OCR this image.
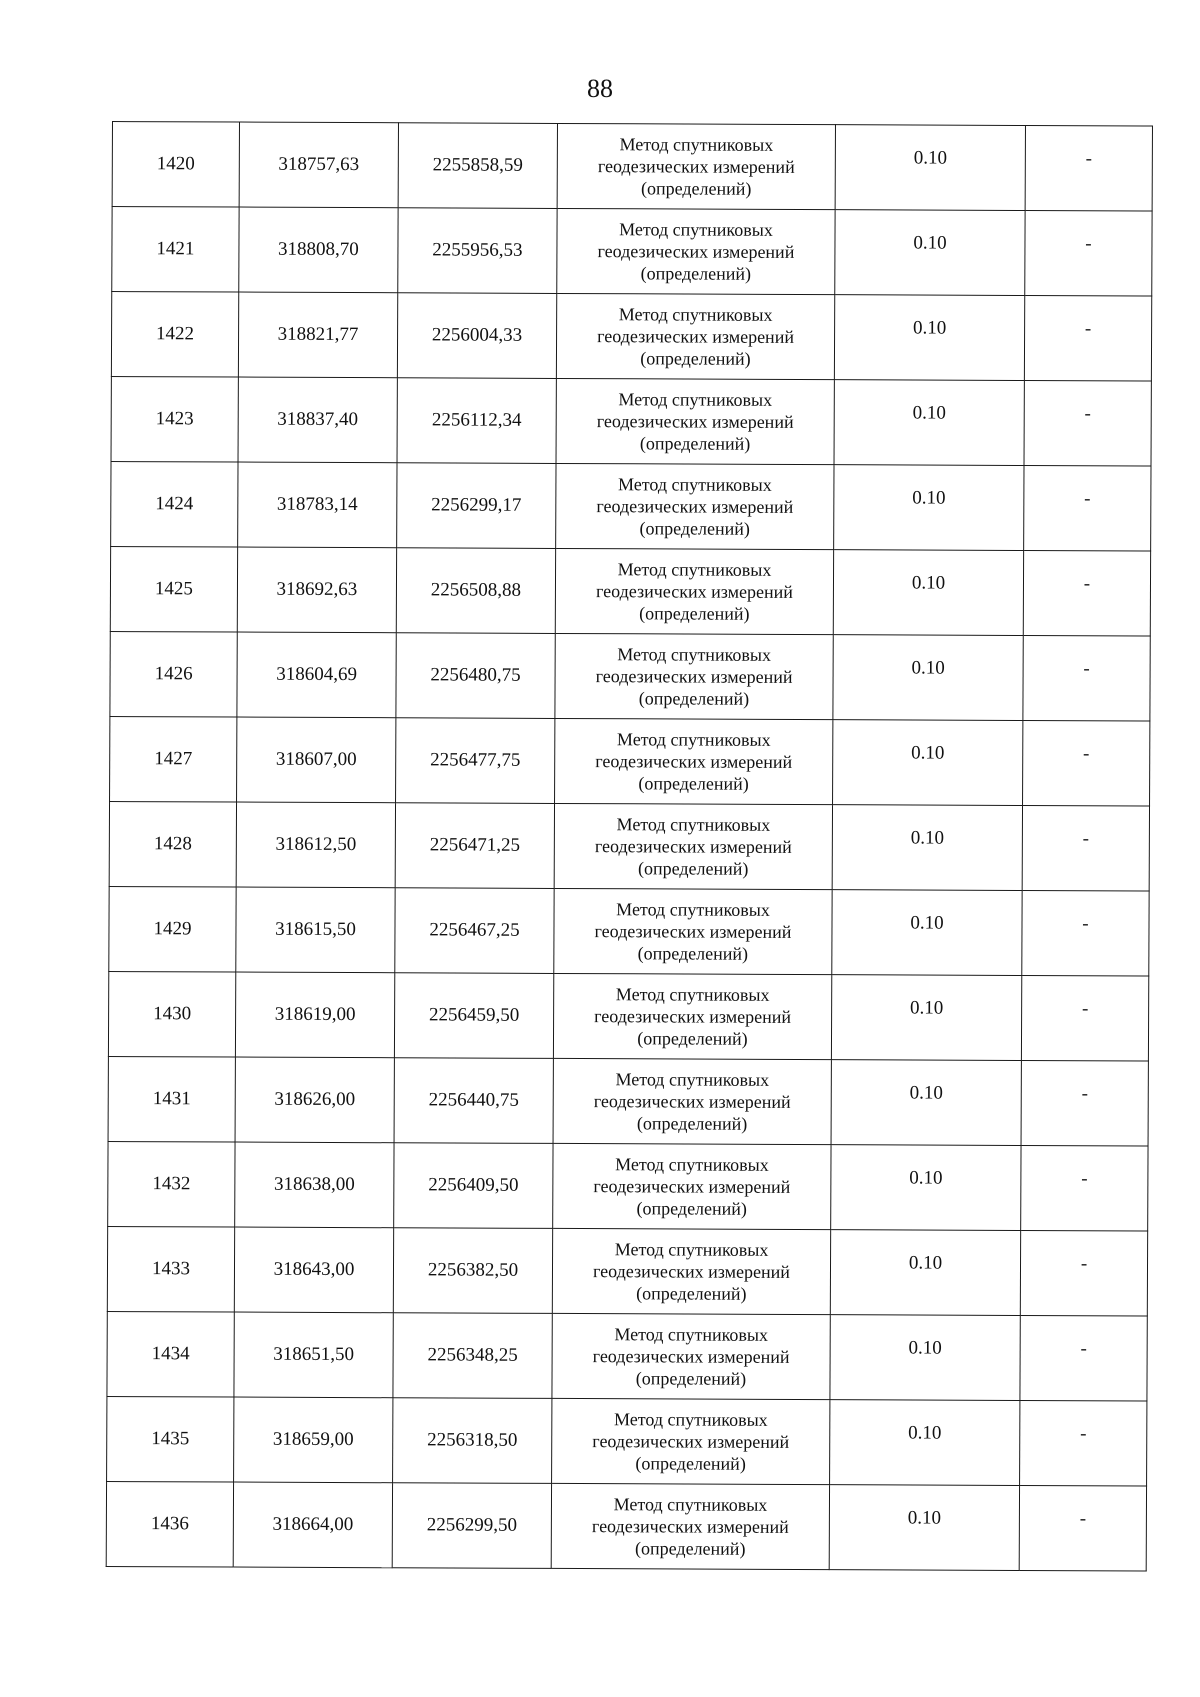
88
1420	318757,63	2255858,59	Метод спутниковых
геодезических измерений
(определений)	0.10	-
1421	318808,70	2255956,53	Метод спутниковых
геодезических измерений
(определений)	0.10	-
1422	318821,77	2256004,33	Метод спутниковых
геодезических измерений
(определений)	0.10	-
1423	318837,40	2256112,34	Метод спутниковых
геодезических измерений
(определений)	0.10	-
1424	318783,14	2256299,17	Метод спутниковых
геодезических измерений
(определений)	0.10	-
1425	318692,63	2256508,88	Метод спутниковых
геодезических измерений
(определений)	0.10	-
1426	318604,69	2256480,75	Метод спутниковых
геодезических измерений
(определений)	0.10	-
1427	318607,00	2256477,75	Метод спутниковых
геодезических измерений
(определений)	0.10	-
1428	318612,50	2256471,25	Метод спутниковых
геодезических измерений
(определений)	0.10	-
1429	318615,50	2256467,25	Метод спутниковых
геодезических измерений
(определений)	0.10	-
1430	318619,00	2256459,50	Метод спутниковых
геодезических измерений
(определений)	0.10	-
1431	318626,00	2256440,75	Метод спутниковых
геодезических измерений
(определений)	0.10	-
1432	318638,00	2256409,50	Метод спутниковых
геодезических измерений
(определений)	0.10	-
1433	318643,00	2256382,50	Метод спутниковых
геодезических измерений
(определений)	0.10	-
1434	318651,50	2256348,25	Метод спутниковых
геодезических измерений
(определений)	0.10	-
1435	318659,00	2256318,50	Метод спутниковых
геодезических измерений
(определений)	0.10	-
1436	318664,00	2256299,50	Метод спутниковых
геодезических измерений
(определений)	0.10	-
